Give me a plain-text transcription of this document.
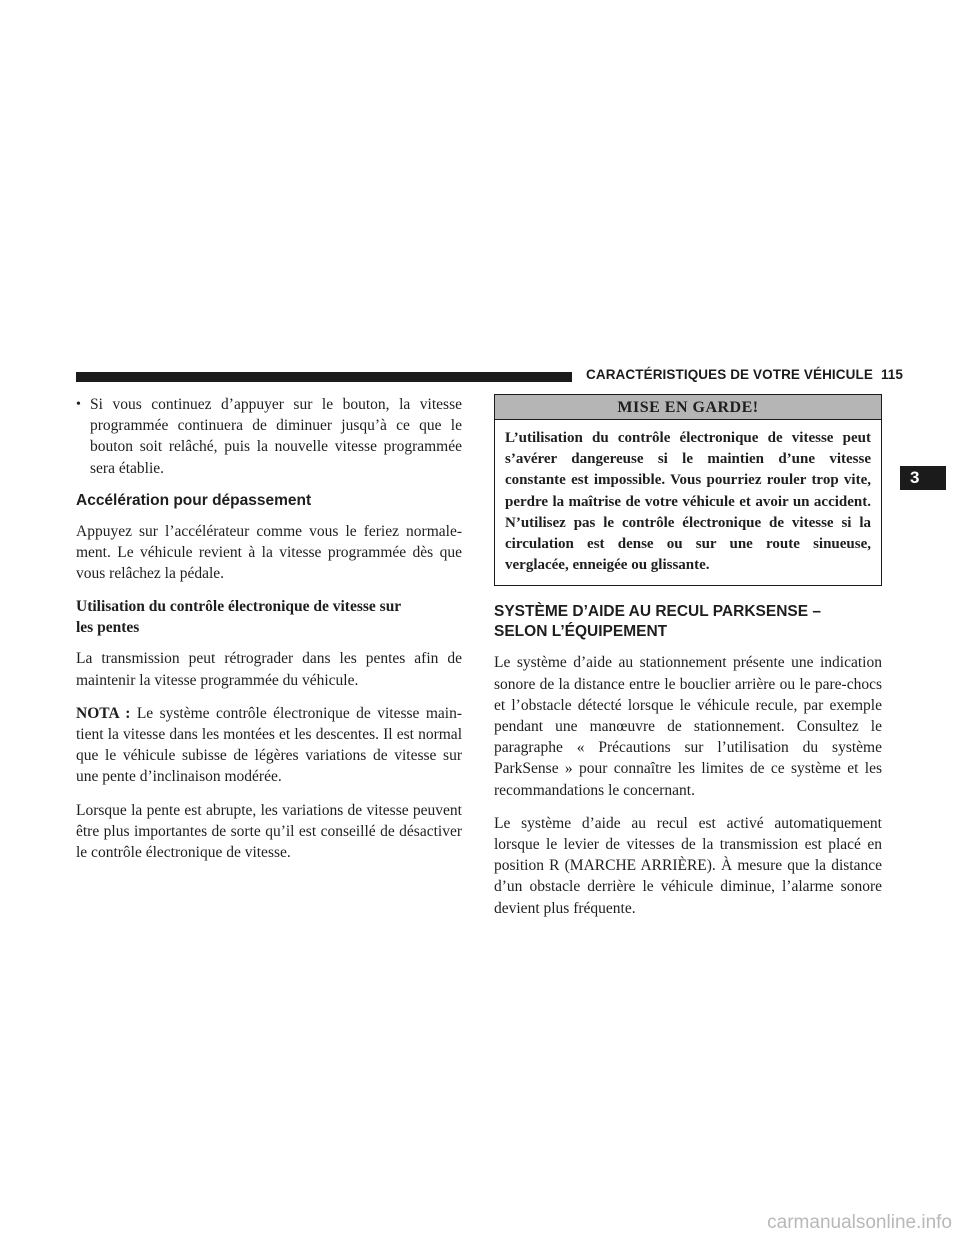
CARACTÉRISTIQUES DE VOTRE VÉHICULE 115
3
• Si vous continuez d’appuyer sur le bouton, la vitesse programmée continuera de diminuer jusqu’à ce que le bouton soit relâché, puis la nouvelle vitesse programmée sera établie.
Accélération pour dépassement

Appuyez sur l’accélérateur comme vous le feriez normalement. Le véhicule revient à la vitesse programmée dès que vous relâchez la pédale.

Utilisation du contrôle électronique de vitesse sur
les pentes

La transmission peut rétrograder dans les pentes afin de maintenir la vitesse programmée du véhicule.

NOTA : Le système contrôle électronique de vitesse maintient la vitesse dans les montées et les descentes. Il est normal que le véhicule subisse de légères variations de vitesse sur une pente d’inclinaison modérée.

Lorsque la pente est abrupte, les variations de vitesse peuvent être plus importantes de sorte qu’il est conseillé de désactiver le contrôle électronique de vitesse.

MISE EN GARDE!
L’utilisation du contrôle électronique de vitesse peut s’avérer dangereuse si le maintien d’une vitesse constante est impossible. Vous pourriez rouler trop vite, perdre la maîtrise de votre véhicule et avoir un accident. N’utilisez pas le contrôle électronique de vitesse si la circulation est dense ou sur une route sinueuse, verglacée, enneigée ou glissante.
SYSTÈME D’AIDE AU RECUL PARKSENSE –
SELON L’ÉQUIPEMENT

Le système d’aide au stationnement présente une indication sonore de la distance entre le bouclier arrière ou le pare-chocs et l’obstacle détecté lorsque le véhicule recule, par exemple pendant une manœuvre de stationnement. Consultez le paragraphe « Précautions sur l’utilisation du système ParkSense » pour connaître les limites de ce système et les recommandations le concernant.

Le système d’aide au recul est activé automatiquement lorsque le levier de vitesses de la transmission est placé en position R (MARCHE ARRIÈRE). À mesure que la distance d’un obstacle derrière le véhicule diminue, l’alarme sonore devient plus fréquente.

carmanualsonline.info
